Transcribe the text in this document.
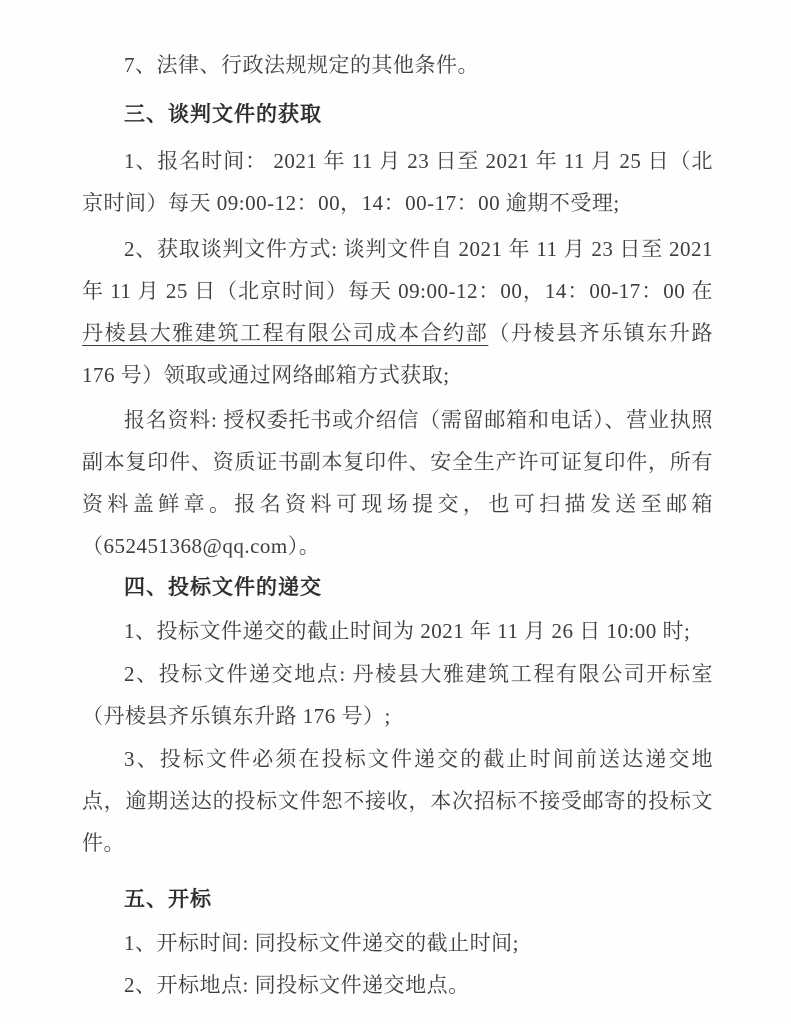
7、法律、行政法规规定的其他条件。

三、谈判文件的获取

1、报名时间： 2021 年 11 月 23 日至 2021 年 11 月 25 日（北京时间）每天 09:00-12：00，14：00-17：00 逾期不受理;

2、获取谈判文件方式: 谈判文件自 2021 年 11 月 23 日至 2021 年 11 月 25 日（北京时间）每天 09:00-12：00，14：00-17：00 在丹棱县大雅建筑工程有限公司成本合约部（丹棱县齐乐镇东升路 176 号）领取或通过网络邮箱方式获取;

报名资料: 授权委托书或介绍信（需留邮箱和电话）、营业执照副本复印件、资质证书副本复印件、安全生产许可证复印件，所有资料盖鲜章。报名资料可现场提交，也可扫描发送至邮箱（652451368@qq.com）。

四、投标文件的递交

1、投标文件递交的截止时间为 2021 年 11 月 26 日 10:00 时;

2、投标文件递交地点: 丹棱县大雅建筑工程有限公司开标室（丹棱县齐乐镇东升路 176 号）;

3、投标文件必须在投标文件递交的截止时间前送达递交地点，逾期送达的投标文件恕不接收，本次招标不接受邮寄的投标文件。

五、开标

1、开标时间: 同投标文件递交的截止时间;

2、开标地点: 同投标文件递交地点。
